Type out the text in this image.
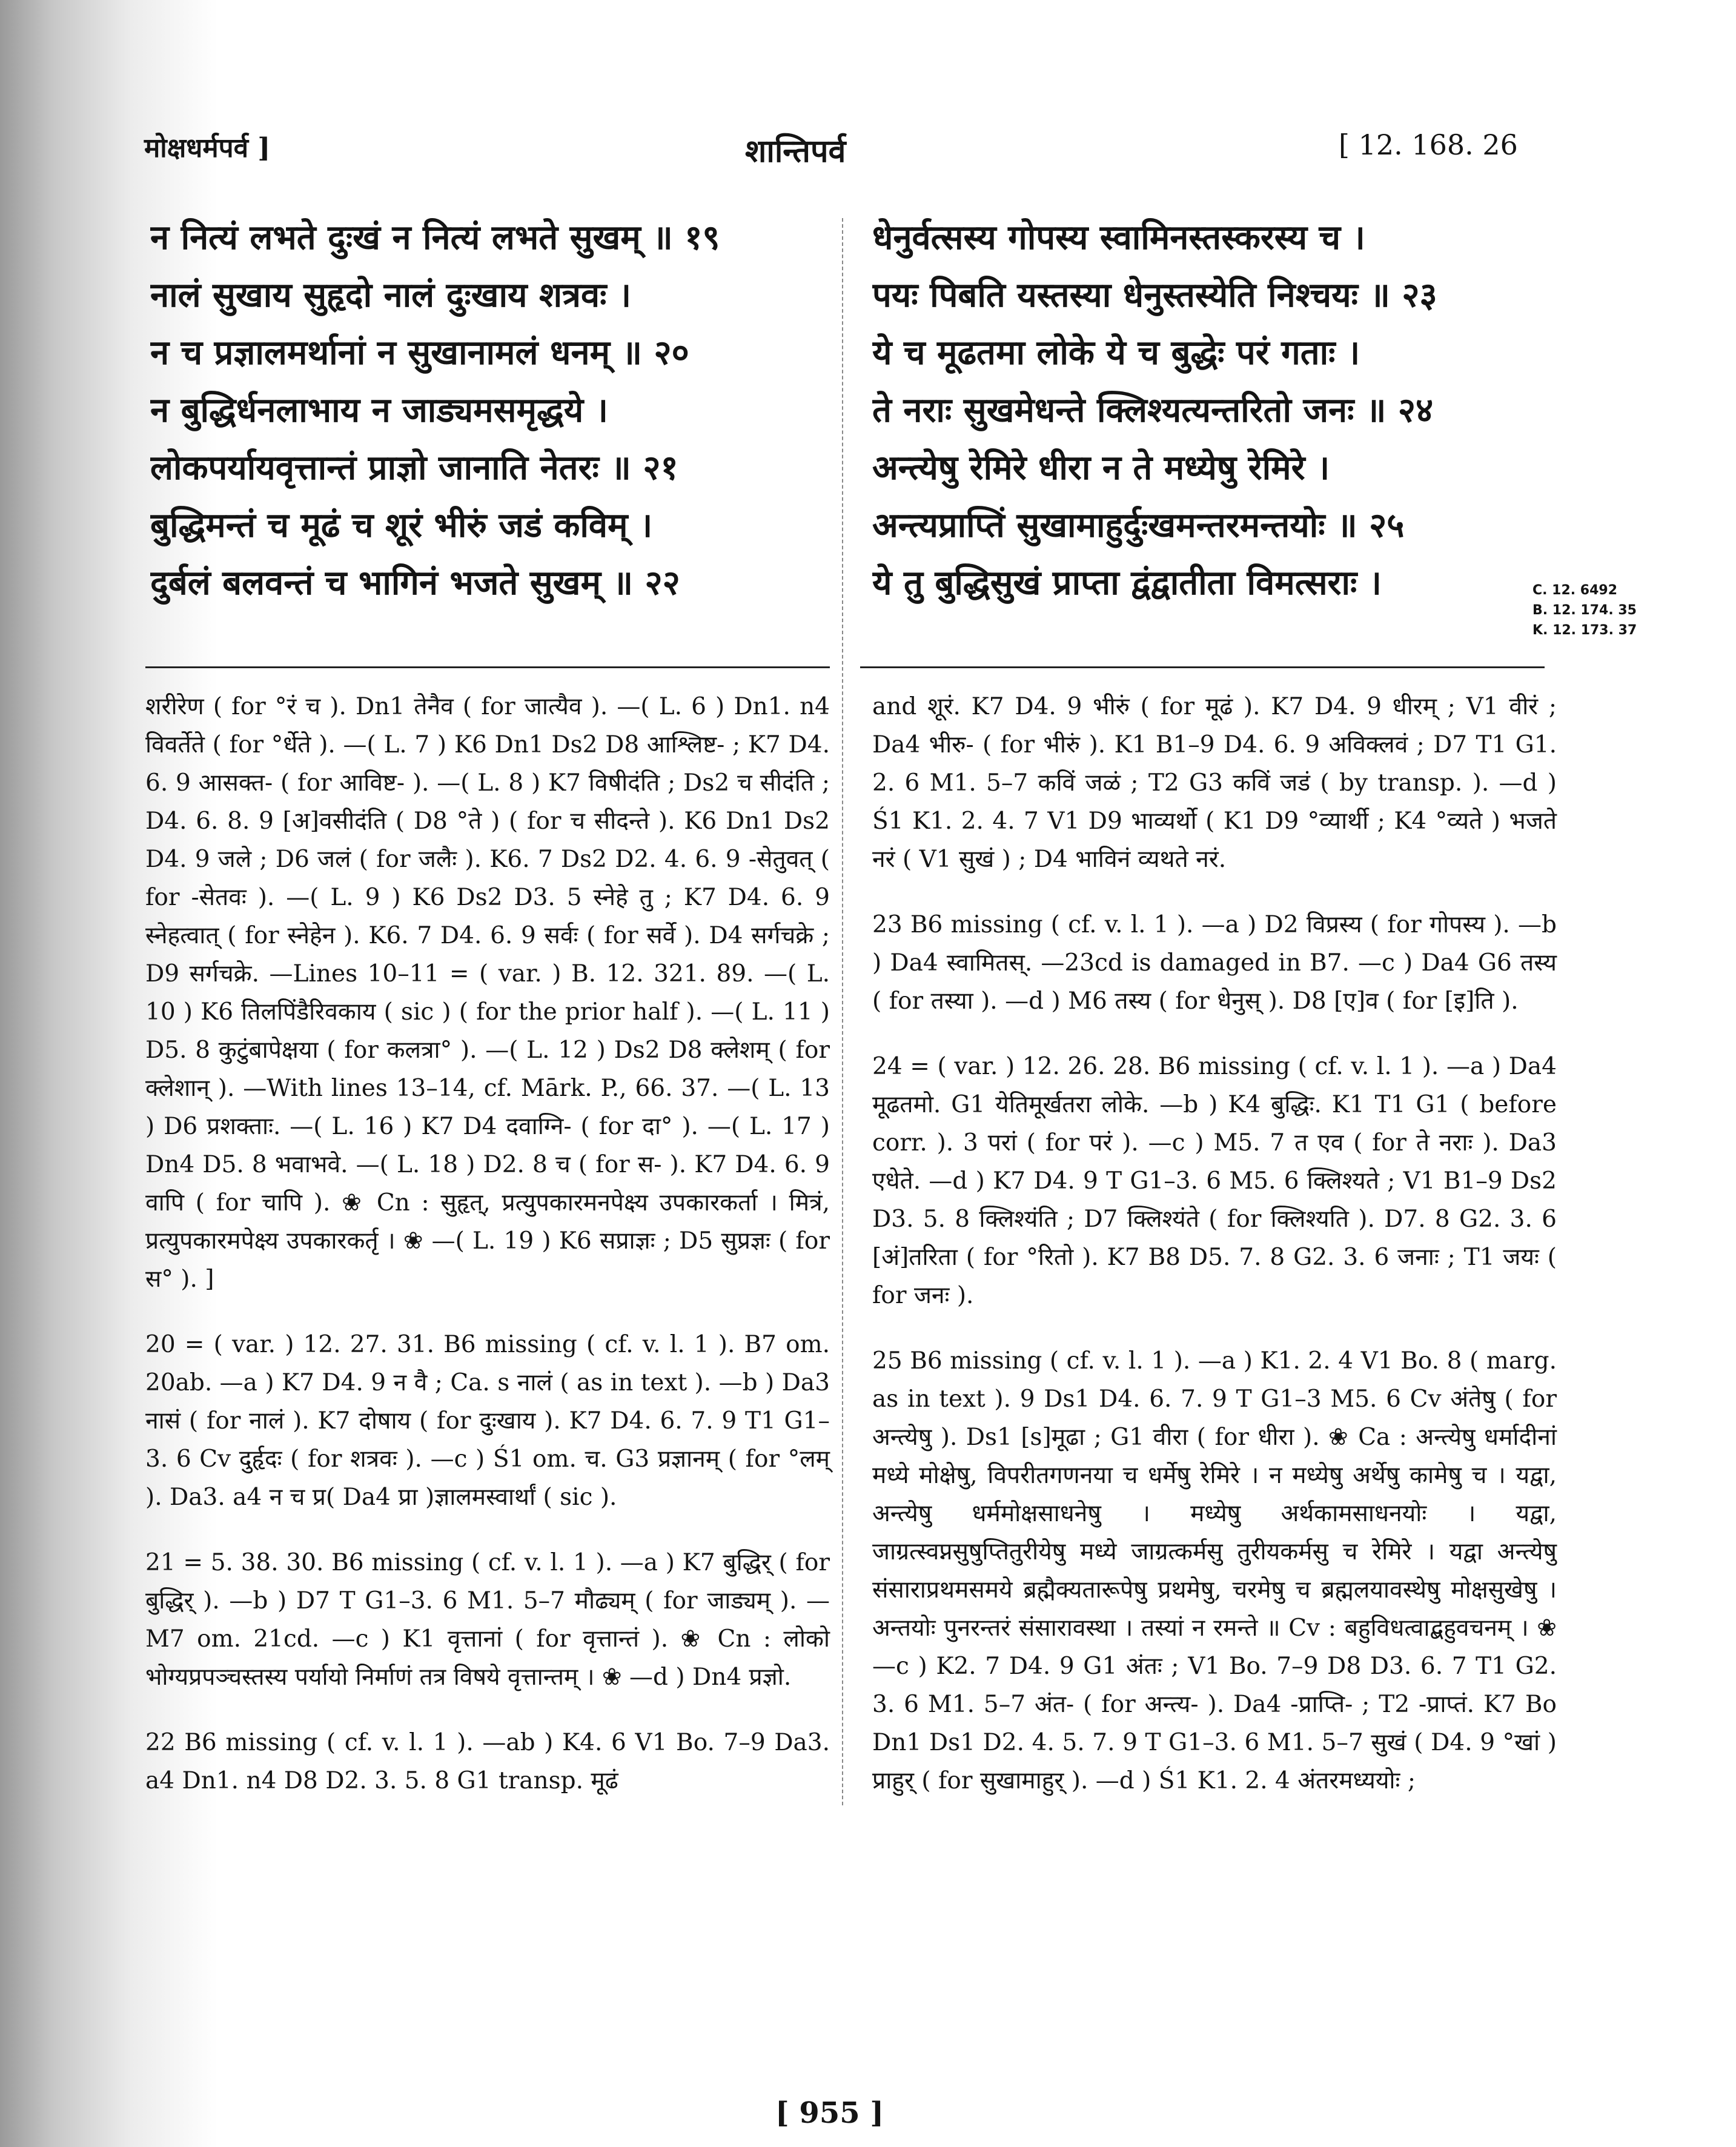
मोक्षधर्मपर्व ]	शान्तिपर्व	[ 12. 168. 26
न नित्यं लभते दुःखं न नित्यं लभते सुखम् ॥ १९
नालं सुखाय सुहृदो नालं दुःखाय शत्रवः ।
न च प्रज्ञालमर्थानां न सुखानामलं धनम् ॥ २०
न बुद्धिर्धनलाभाय न जाड्यमसमृद्धये ।
लोकपर्यायवृत्तान्तं प्राज्ञो जानाति नेतरः ॥ २१
बुद्धिमन्तं च मूढं च शूरं भीरुं जडं कविम् ।
दुर्बलं बलवन्तं च भागिनं भजते सुखम् ॥ २२
धेनुर्वत्सस्य गोपस्य स्वामिनस्तस्करस्य च ।
पयः पिबति यस्तस्या धेनुस्तस्येति निश्चयः ॥ २३
ये च मूढतमा लोके ये च बुद्धेः परं गताः ।
ते नराः सुखमेधन्ते क्लिश्यत्यन्तरितो जनः ॥ २४
अन्त्येषु रेमिरे धीरा न ते मध्येषु रेमिरे ।
अन्त्यप्राप्तिं सुखामाहुर्दुःखमन्तरमन्तयोः ॥ २५
ये तु बुद्धिसुखं प्राप्ता द्वंद्वातीता विमत्सराः ।	C. 12. 6492
B. 12. 174. 35
K. 12. 173. 37

शरीरेण ( for °रं च ). Dn1 तेनैव ( for जात्यैव ). —( L. 6 ) Dn1. n4 विवर्तेते ( for °र्धेते ). —( L. 7 ) K6 Dn1 Ds2 D8 आश्लिष्ट- ; K7 D4. 6. 9 आसक्त- ( for आविष्ट- ). —( L. 8 ) K7 विषीदंति ; Ds2 च सीदंति ; D4. 6. 8. 9 [अ]वसीदंति ( D8 °ते ) ( for च सीदन्ते ). K6 Dn1 Ds2 D4. 9 जले ; D6 जलं ( for जलैः ). K6. 7 Ds2 D2. 4. 6. 9 -सेतुवत् ( for -सेतवः ). —( L. 9 ) K6 Ds2 D3. 5 स्नेहे तु ; K7 D4. 6. 9 स्नेहत्वात् ( for स्नेहेन ). K6. 7 D4. 6. 9 सर्वः ( for सर्वे ). D4 सर्गचक्रे ; D9 सर्गचक्रे. —Lines 10–11 = ( var. ) B. 12. 321. 89. —( L. 10 ) K6 तिलपिंडैरिवकाय ( sic ) ( for the prior half ). —( L. 11 ) D5. 8 कुटुंबापेक्षया ( for कलत्रा° ). —( L. 12 ) Ds2 D8 क्लेशम् ( for क्लेशान् ). —With lines 13–14, cf. Mārk. P., 66. 37. —( L. 13 ) D6 प्रशक्ताः. —( L. 16 ) K7 D4 दवाग्नि- ( for दा° ). —( L. 17 ) Dn4 D5. 8 भवाभवे. —( L. 18 ) D2. 8 च ( for स- ). K7 D4. 6. 9 वापि ( for चापि ). ❀ Cn : सुहृत्, प्रत्युपकारमनपेक्ष्य उपकारकर्ता । मित्रं, प्रत्युपकारमपेक्ष्य उपकारकर्तृ । ❀ —( L. 19 ) K6 सप्राज्ञः ; D5 सुप्रज्ञः ( for स° ). ]

20 = ( var. ) 12. 27. 31. B6 missing ( cf. v. l. 1 ). B7 om. 20ab. —a ) K7 D4. 9 न वै ; Ca. s नालं ( as in text ). —b ) Da3 नासं ( for नालं ). K7 दोषाय ( for दुःखाय ). K7 D4. 6. 7. 9 T1 G1–3. 6 Cv दुर्हृदः ( for शत्रवः ). —c ) Ś1 om. च. G3 प्रज्ञानम् ( for °लम् ). Da3. a4 न च प्र( Da4 प्रा )ज्ञालमस्वार्थां ( sic ).

21 = 5. 38. 30. B6 missing ( cf. v. l. 1 ). —a ) K7 बुद्धिर् ( for बुद्धिर् ). —b ) D7 T G1–3. 6 M1. 5–7 मौढ्यम् ( for जाड्यम् ). —M7 om. 21cd. —c ) K1 वृत्तानां ( for वृत्तान्तं ). ❀ Cn : लोको भोग्यप्रपञ्चस्तस्य पर्यायो निर्माणं तत्र विषये वृत्तान्तम् । ❀ —d ) Dn4 प्रज्ञो.

22 B6 missing ( cf. v. l. 1 ). —ab ) K4. 6 V1 Bo. 7–9 Da3. a4 Dn1. n4 D8 D2. 3. 5. 8 G1 transp. मूढं

and शूरं. K7 D4. 9 भीरुं ( for मूढं ). K7 D4. 9 धीरम् ; V1 वीरं ; Da4 भीरु- ( for भीरुं ). K1 B1–9 D4. 6. 9 अविक्लवं ; D7 T1 G1. 2. 6 M1. 5–7 कविं जळं ; T2 G3 कविं जडं ( by transp. ). —d ) Ś1 K1. 2. 4. 7 V1 D9 भाव्यर्थो ( K1 D9 °व्यार्थी ; K4 °व्यते ) भजते नरं ( V1 सुखं ) ; D4 भाविनं व्यथते नरं.

23 B6 missing ( cf. v. l. 1 ). —a ) D2 विप्रस्य ( for गोपस्य ). —b ) Da4 स्वामितस्. —23cd is damaged in B7. —c ) Da4 G6 तस्य ( for तस्या ). —d ) M6 तस्य ( for धेनुस् ). D8 [ए]व ( for [इ]ति ).

24 = ( var. ) 12. 26. 28. B6 missing ( cf. v. l. 1 ). —a ) Da4 मूढतमो. G1 येतिमूर्खतरा लोके. —b ) K4 बुद्धिः. K1 T1 G1 ( before corr. ). 3 परां ( for परं ). —c ) M5. 7 त एव ( for ते नराः ). Da3 एधेते. —d ) K7 D4. 9 T G1–3. 6 M5. 6 क्लिश्यते ; V1 B1–9 Ds2 D3. 5. 8 क्लिश्यंति ; D7 क्लिश्यंते ( for क्लिश्यति ). D7. 8 G2. 3. 6 [अं]तरिता ( for °रितो ). K7 B8 D5. 7. 8 G2. 3. 6 जनाः ; T1 जयः ( for जनः ).

25 B6 missing ( cf. v. l. 1 ). —a ) K1. 2. 4 V1 Bo. 8 ( marg. as in text ). 9 Ds1 D4. 6. 7. 9 T G1–3 M5. 6 Cv अंतेषु ( for अन्त्येषु ). Ds1 [s]मूढा ; G1 वीरा ( for धीरा ). ❀ Ca : अन्त्येषु धर्मादीनां मध्ये मोक्षेषु, विपरीतगणनया च धर्मेषु रेमिरे । न मध्येषु अर्थेषु कामेषु च । यद्वा, अन्त्येषु धर्ममोक्षसाधनेषु । मध्येषु अर्थकामसाधनयोः । यद्वा, जाग्रत्स्वप्नसुषुप्तितुरीयेषु मध्ये जाग्रत्कर्मसु तुरीयकर्मसु च रेमिरे । यद्वा अन्त्येषु संसाराप्रथमसमये ब्रह्मैक्यतारूपेषु प्रथमेषु, चरमेषु च ब्रह्मलयावस्थेषु मोक्षसुखेषु । अन्तयोः पुनरन्तरं संसारावस्था । तस्यां न रमन्ते ॥ Cv : बहुविधत्वाद्बहुवचनम् । ❀ —c ) K2. 7 D4. 9 G1 अंतः ; V1 Bo. 7–9 D8 D3. 6. 7 T1 G2. 3. 6 M1. 5–7 अंत- ( for अन्त्य- ). Da4 -प्राप्ति- ; T2 -प्राप्तं. K7 Bo Dn1 Ds1 D2. 4. 5. 7. 9 T G1–3. 6 M1. 5–7 सुखं ( D4. 9 °खां ) प्राहुर् ( for सुखामाहुर् ). —d ) Ś1 K1. 2. 4 अंतरमध्ययोः ;

[ 955 ]
